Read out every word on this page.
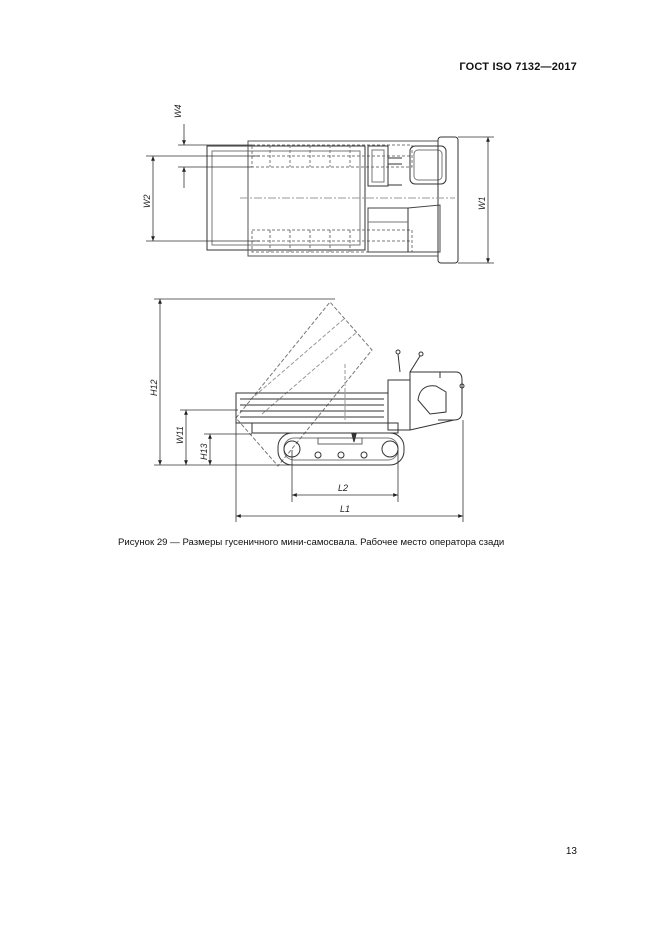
ГОСТ ISO 7132—2017
W4
W2	W1
H12
W11
H13
L2
L1
Рисунок 29 — Размеры гусеничного мини-самосвала. Рабочее место оператора сзади
13
